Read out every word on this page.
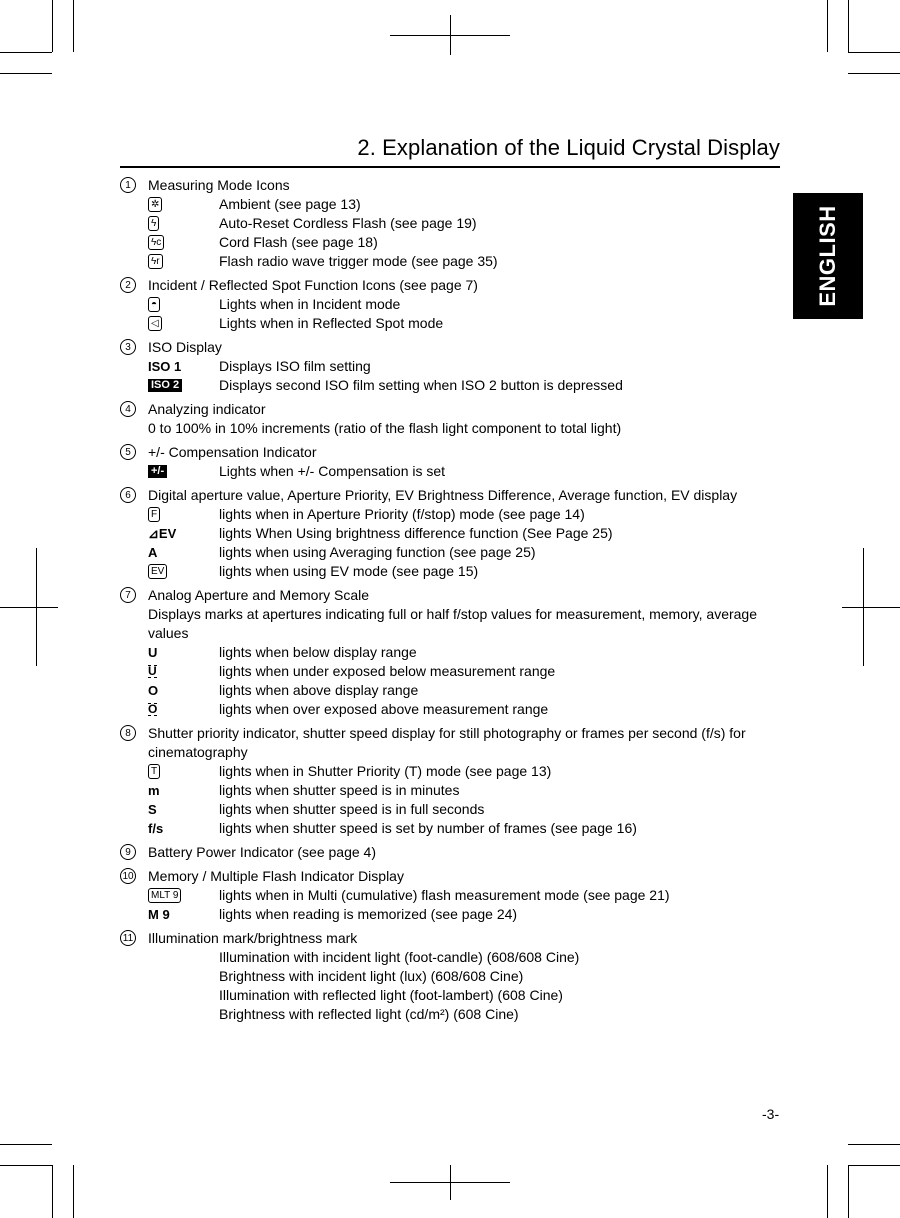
2. Explanation of the Liquid Crystal Display
ENGLISH
1	Measuring Mode Icons
✲	Ambient (see page 13)
ϟ	Auto-Reset Cordless Flash (see page 19)
ϟc	Cord Flash (see page 18)
ϟr	Flash radio wave trigger mode (see page 35)
2	Incident / Reflected Spot Function Icons (see page 7)
◓	Lights when in Incident mode
◁	Lights when in Reflected Spot mode
3	ISO Display
ISO 1	Displays ISO film setting
ISO 2	Displays second ISO film setting when ISO 2 button is depressed
4	Analyzing indicator
0 to 100% in 10% increments (ratio of the flash light component to total light)
5	+/- Compensation Indicator
+/-	Lights when +/- Compensation is set
6	Digital aperture value, Aperture Priority, EV Brightness Difference, Average function, EV display
F	lights when in Aperture Priority (f/stop) mode (see page 14)
⊿EV	lights When Using brightness difference function (See Page 25)
A	lights when using Averaging function (see page 25)
EV	lights when using EV mode (see page 15)
7	Analog Aperture and Memory Scale
Displays marks at apertures indicating full or half f/stop values for measurement, memory, average values
U	lights when below display range
U	lights when under exposed below measurement range
O	lights when above display range
O	lights when over exposed above measurement range
8	Shutter priority indicator, shutter speed display for still photography or frames per second (f/s) for cinematography
T	lights when in Shutter Priority (T) mode (see page 13)
m	lights when shutter speed is in minutes
S	lights when shutter speed is in full seconds
f/s	lights when shutter speed is set by number of frames (see page 16)
9	Battery Power Indicator (see page 4)
10 Memory / Multiple Flash Indicator Display
MLT 9	lights when in Multi (cumulative) flash measurement mode (see page 21)
M 9	lights when reading is memorized (see page 24)
11 Illumination mark/brightness mark
Illumination with incident light (foot-candle) (608/608 Cine)
Brightness with incident light (lux) (608/608 Cine)
Illumination with reflected light (foot-lambert) (608 Cine)
Brightness with reflected light (cd/m²) (608 Cine)
-3-
